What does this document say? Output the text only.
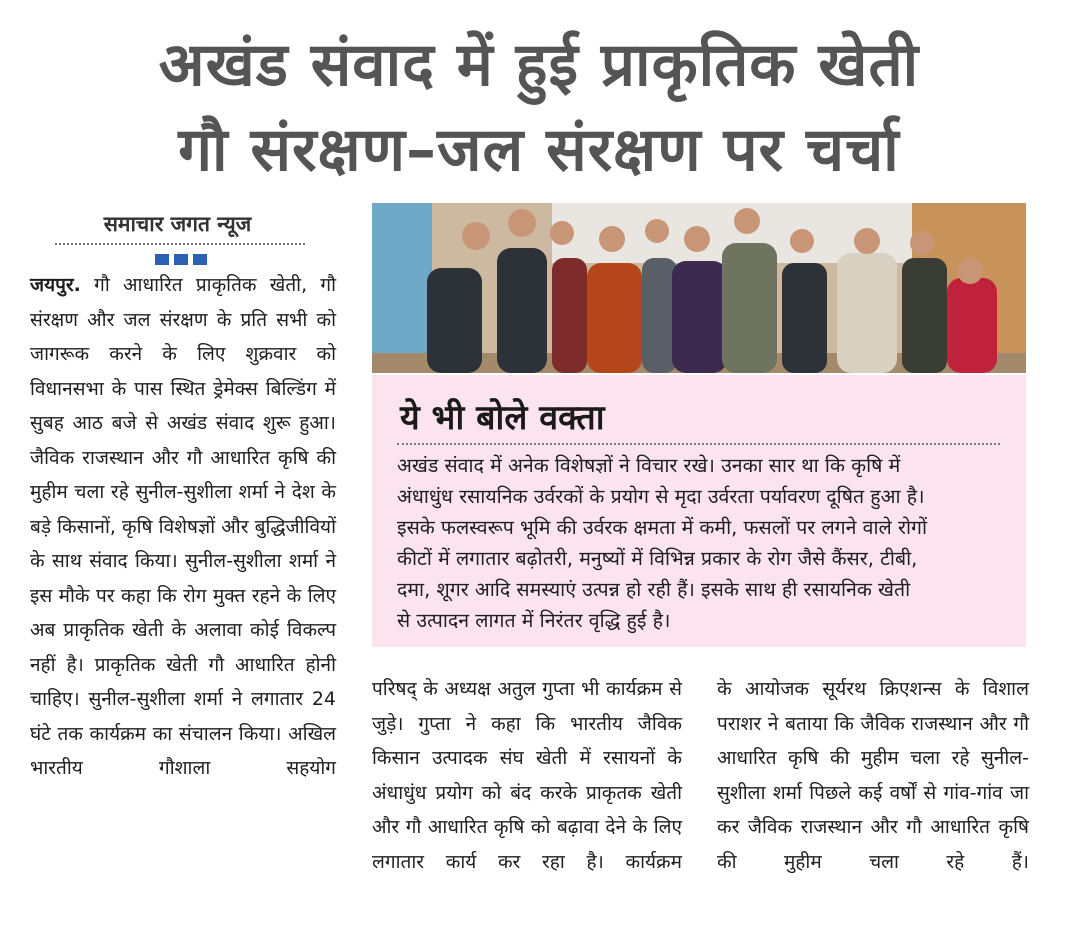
अखंड संवाद में हुई प्राकृतिक खेती
गौ संरक्षण–जल संरक्षण पर चर्चा
समाचार जगत न्यूज
जयपुर. गौ आधारित प्राकृतिक खेती, गौ संरक्षण और जल संरक्षण के प्रति सभी को जागरूक करने के लिए शुक्रवार को विधानसभा के पास स्थित ड्रेमेक्स बिल्डिंग में सुबह आठ बजे से अखंड संवाद शुरू हुआ। जैविक राजस्थान और गौ आधारित कृषि की मुहीम चला रहे सुनील-सुशीला शर्मा ने देश के बड़े किसानों, कृषि विशेषज्ञों और बुद्धिजीवियों के साथ संवाद किया। सुनील-सुशीला शर्मा ने इस मौके पर कहा कि रोग मुक्त रहने के लिए अब प्राकृतिक खेती के अलावा कोई विकल्प नहीं है। प्राकृतिक खेती गौ आधारित होनी चाहिए। सुनील-सुशीला शर्मा ने लगातार 24 घंटे तक कार्यक्रम का संचालन किया। अखिल भारतीय गौशाला सहयोग
ये भी बोले वक्ता
अखंड संवाद में अनेक विशेषज्ञों ने विचार रखे। उनका सार था कि कृषि में
अंधाधुंध रसायनिक उर्वरकों के प्रयोग से मृदा उर्वरता पर्यावरण दूषित हुआ है।
इसके फलस्वरूप भूमि की उर्वरक क्षमता में कमी, फसलों पर लगने वाले रोगों
कीटों में लगातार बढ़ोतरी, मनुष्यों में विभिन्न प्रकार के रोग जैसे कैंसर, टीबी,
दमा, शूगर आदि समस्याएं उत्पन्न हो रही हैं। इसके साथ ही रसायनिक खेती
से उत्पादन लागत में निरंतर वृद्धि हुई है।
परिषद् के अध्यक्ष अतुल गुप्ता भी कार्यक्रम से जुड़े। गुप्ता ने कहा कि भारतीय जैविक किसान उत्पादक संघ खेती में रसायनों के अंधाधुंध प्रयोग को बंद करके प्राकृतक खेती और गौ आधारित कृषि को बढ़ावा देने के लिए लगातार कार्य कर रहा है। कार्यक्रम
के आयोजक सूर्यरथ क्रिएशन्स के विशाल पराशर ने बताया कि जैविक राजस्थान और गौ आधारित कृषि की मुहीम चला रहे सुनील-सुशीला शर्मा पिछले कई वर्षों से गांव-गांव जा कर जैविक राजस्थान और गौ आधारित कृषि की मुहीम चला रहे हैं।
